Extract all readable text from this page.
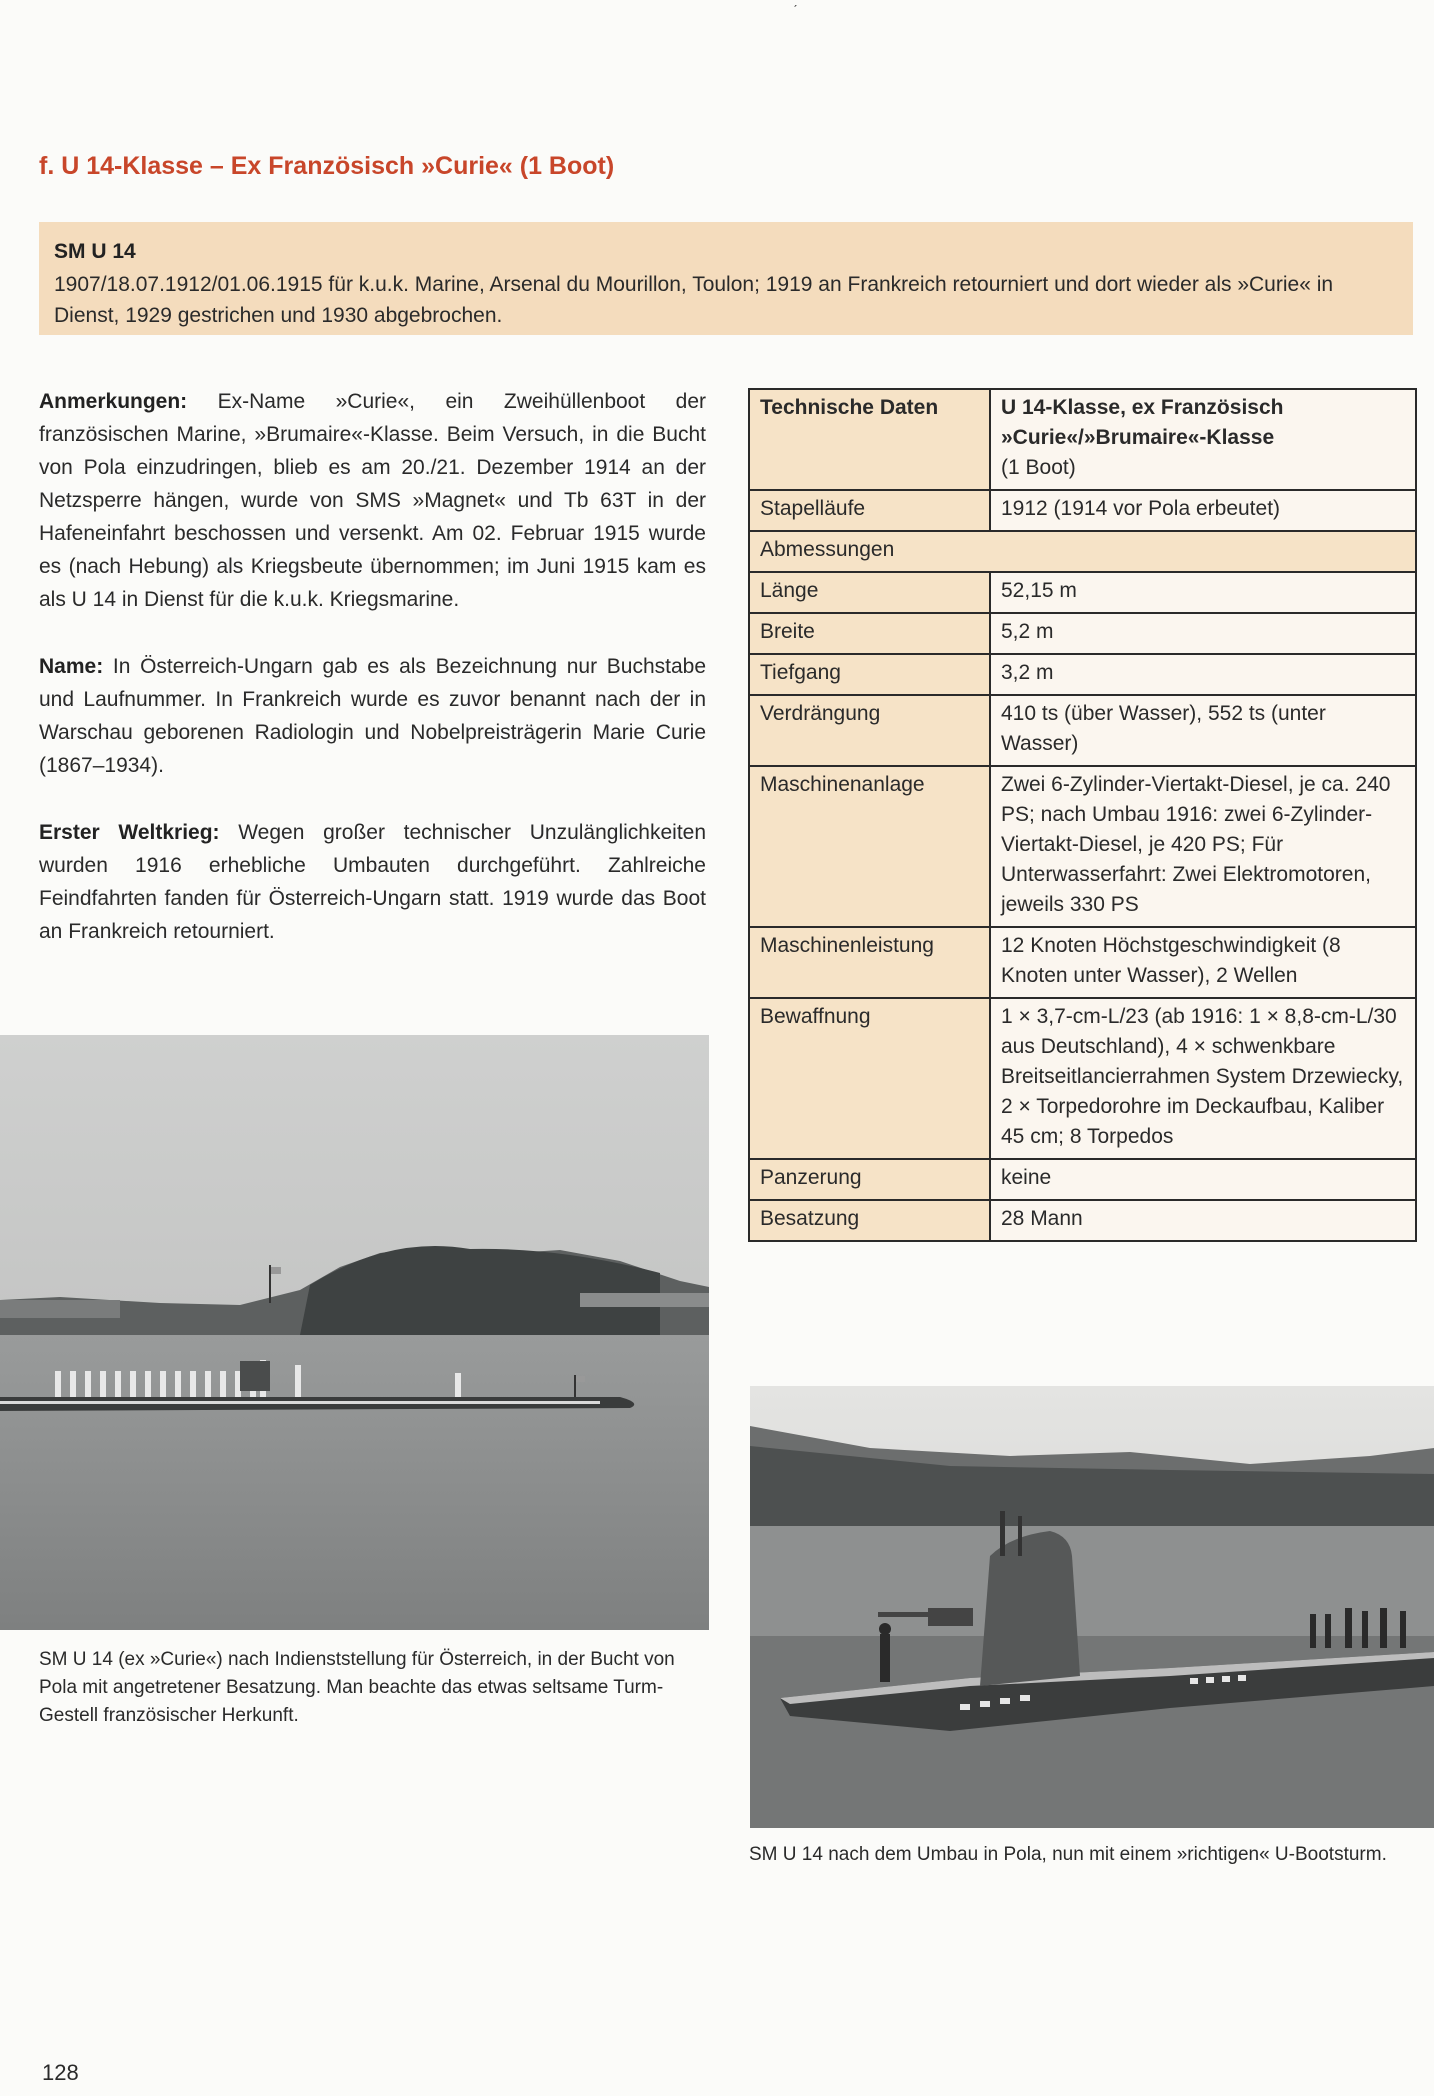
ˊ
f. U 14-Klasse – Ex Französisch »Curie« (1 Boot)

SM U 14

1907/18.07.1912/01.06.1915 für k.u.k. Marine, Arsenal du Mourillon, Toulon; 1919 an Frankreich retourniert und dort wieder als »Curie« in Dienst, 1929 gestrichen und 1930 abgebrochen.

Anmerkungen: Ex-Name »Curie«, ein Zweihüllenboot der französischen Marine, »Brumaire«-Klasse. Beim Versuch, in die Bucht von Pola einzudringen, blieb es am 20./21. Dezember 1914 an der Netzsperre hängen, wurde von SMS »Magnet« und Tb 63T in der Hafeneinfahrt beschossen und versenkt. Am 02. Februar 1915 wurde es (nach Hebung) als Kriegsbeute übernommen; im Juni 1915 kam es als U 14 in Dienst für die k.u.k. Kriegsmarine.

Name: In Österreich-Ungarn gab es als Bezeichnung nur Buchstabe und Laufnummer. In Frankreich wurde es zuvor benannt nach der in Warschau geborenen Radiologin und Nobelpreisträgerin Marie Curie (1867–1934).

Erster Weltkrieg: Wegen großer technischer Unzulänglichkeiten wurden 1916 erhebliche Umbauten durchgeführt. Zahlreiche Feindfahrten fanden für Österreich-Ungarn statt. 1919 wurde das Boot an Frankreich retourniert.

Technische Daten	U 14-Klasse, ex Französisch »Curie«/»Brumaire«-Klasse
(1 Boot)
Stapelläufe	1912 (1914 vor Pola erbeutet)
Abmessungen	
Länge	52,15 m
Breite	5,2 m
Tiefgang	3,2 m
Verdrängung	410 ts (über Wasser), 552 ts (unter Wasser)
Maschinenanlage	Zwei 6-Zylinder-Viertakt-Diesel, je ca. 240 PS; nach Umbau 1916: zwei 6-Zylinder-Viertakt-Diesel, je 420 PS; Für Unterwasserfahrt: Zwei Elektromotoren, jeweils 330 PS
Maschinenleistung	12 Knoten Höchstgeschwindigkeit (8 Knoten unter Wasser), 2 Wellen
Bewaffnung	1 × 3,7-cm-L/23 (ab 1916: 1 × 8,8-cm-L/30 aus Deutschland), 4 × schwenkbare Breitseitlancierrahmen System Drzewiecky, 2 × Torpedorohre im Deckaufbau, Kaliber 45 cm; 8 Torpedos
Panzerung	keine
Besatzung	28 Mann
SM U 14 (ex »Curie«) nach Indienststellung für Österreich, in der Bucht von Pola mit angetretener Besatzung. Man beachte das etwas seltsame Turm-Gestell französischer Herkunft.
SM U 14 nach dem Umbau in Pola, nun mit einem »richtigen« U-Bootsturm.
128
